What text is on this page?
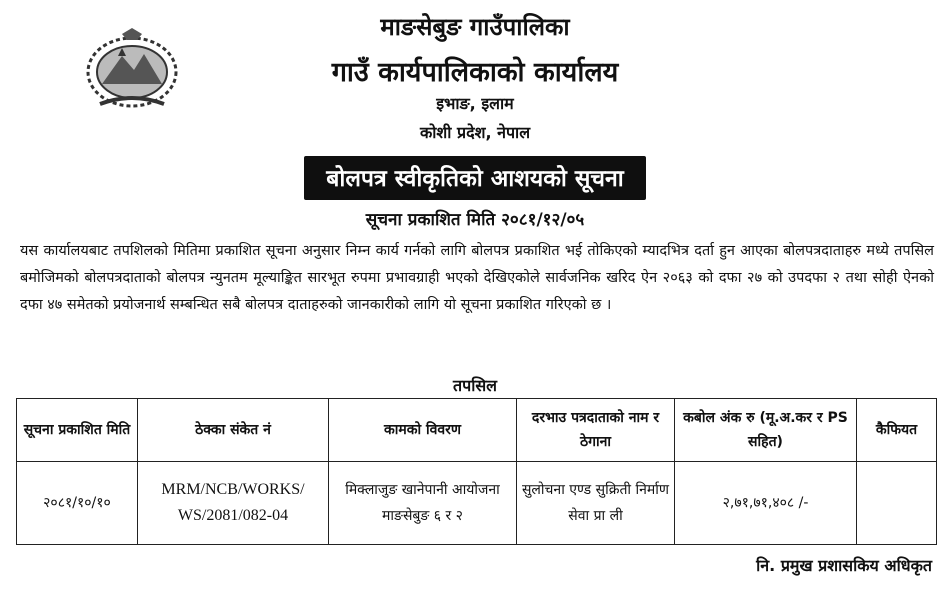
माङसेबुङ गाउँपालिका
गाउँ कार्यपालिकाको कार्यालय
इभाङ, इलाम
कोशी प्रदेश, नेपाल
बोलपत्र स्वीकृतिको आशयको सूचना
सूचना प्रकाशित मिति २०८१/१२/०५
यस कार्यालयबाट तपशिलको मितिमा प्रकाशित सूचना अनुसार निम्न कार्य गर्नको लागि बोलपत्र प्रकाशित भई तोकिएको म्यादभित्र दर्ता हुन आएका बोलपत्रदाताहरु मध्ये तपसिल बमोजिमको बोलपत्रदाताको बोलपत्र न्युनतम मूल्याङ्कित सारभूत रुपमा प्रभावग्राही भएको देखिएकोले सार्वजनिक खरिद ऐन २०६३ को दफा २७ को उपदफा २ तथा सोही ऐनको दफा ४७ समेतको प्रयोजनार्थ सम्बन्धित सबै बोलपत्र दाताहरुको जानकारीको लागि यो सूचना प्रकाशित गरिएको छ ।
तपसिल
सूचना प्रकाशित मिति	ठेक्का संकेत नं	कामको विवरण	दरभाउ पत्रदाताको नाम र ठेगाना	कबोल अंक रु (मू.अ.कर र PS सहित)	कैफियत
२०८१/१०/१०	MRM/NCB/WORKS/ WS/2081/082-04	मिक्लाजुङ खानेपानी आयोजना माङसेबुङ ६ र २	सुलोचना एण्ड सुक्रिती निर्माण सेवा प्रा ली	२,७१,७१,४०८ /-	
नि. प्रमुख प्रशासकिय अधिकृत
